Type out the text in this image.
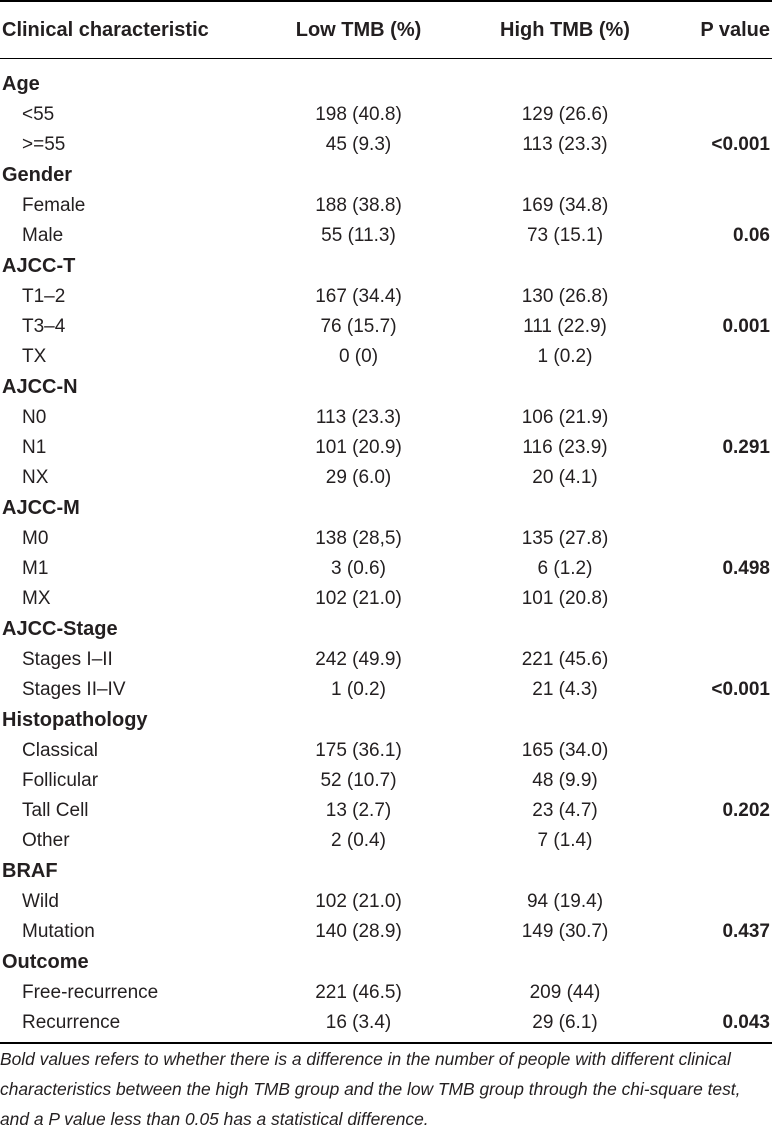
Clinical characteristic	Low TMB (%)	High TMB (%)	P value
Age			
<55	198 (40.8)	129 (26.6)	
>=55	45 (9.3)	113 (23.3)	<0.001
Gender			
Female	188 (38.8)	169 (34.8)	
Male	55 (11.3)	73 (15.1)	0.06
AJCC-T			
T1–2	167 (34.4)	130 (26.8)	
T3–4	76 (15.7)	111 (22.9)	0.001
TX	0 (0)	1 (0.2)	
AJCC-N			
N0	113 (23.3)	106 (21.9)	
N1	101 (20.9)	116 (23.9)	0.291
NX	29 (6.0)	20 (4.1)	
AJCC-M			
M0	138 (28,5)	135 (27.8)	
M1	3 (0.6)	6 (1.2)	0.498
MX	102 (21.0)	101 (20.8)	
AJCC-Stage			
Stages I–II	242 (49.9)	221 (45.6)	
Stages II–IV	1 (0.2)	21 (4.3)	<0.001
Histopathology			
Classical	175 (36.1)	165 (34.0)	
Follicular	52 (10.7)	48 (9.9)	
Tall Cell	13 (2.7)	23 (4.7)	0.202
Other	2 (0.4)	7 (1.4)	
BRAF			
Wild	102 (21.0)	94 (19.4)	
Mutation	140 (28.9)	149 (30.7)	0.437
Outcome			
Free-recurrence	221 (46.5)	209 (44)	
Recurrence	16 (3.4)	29 (6.1)	0.043

Bold values refers to whether there is a difference in the number of people with different clinical characteristics between the high TMB group and the low TMB group through the chi-square test, and a P value less than 0.05 has a statistical difference.
